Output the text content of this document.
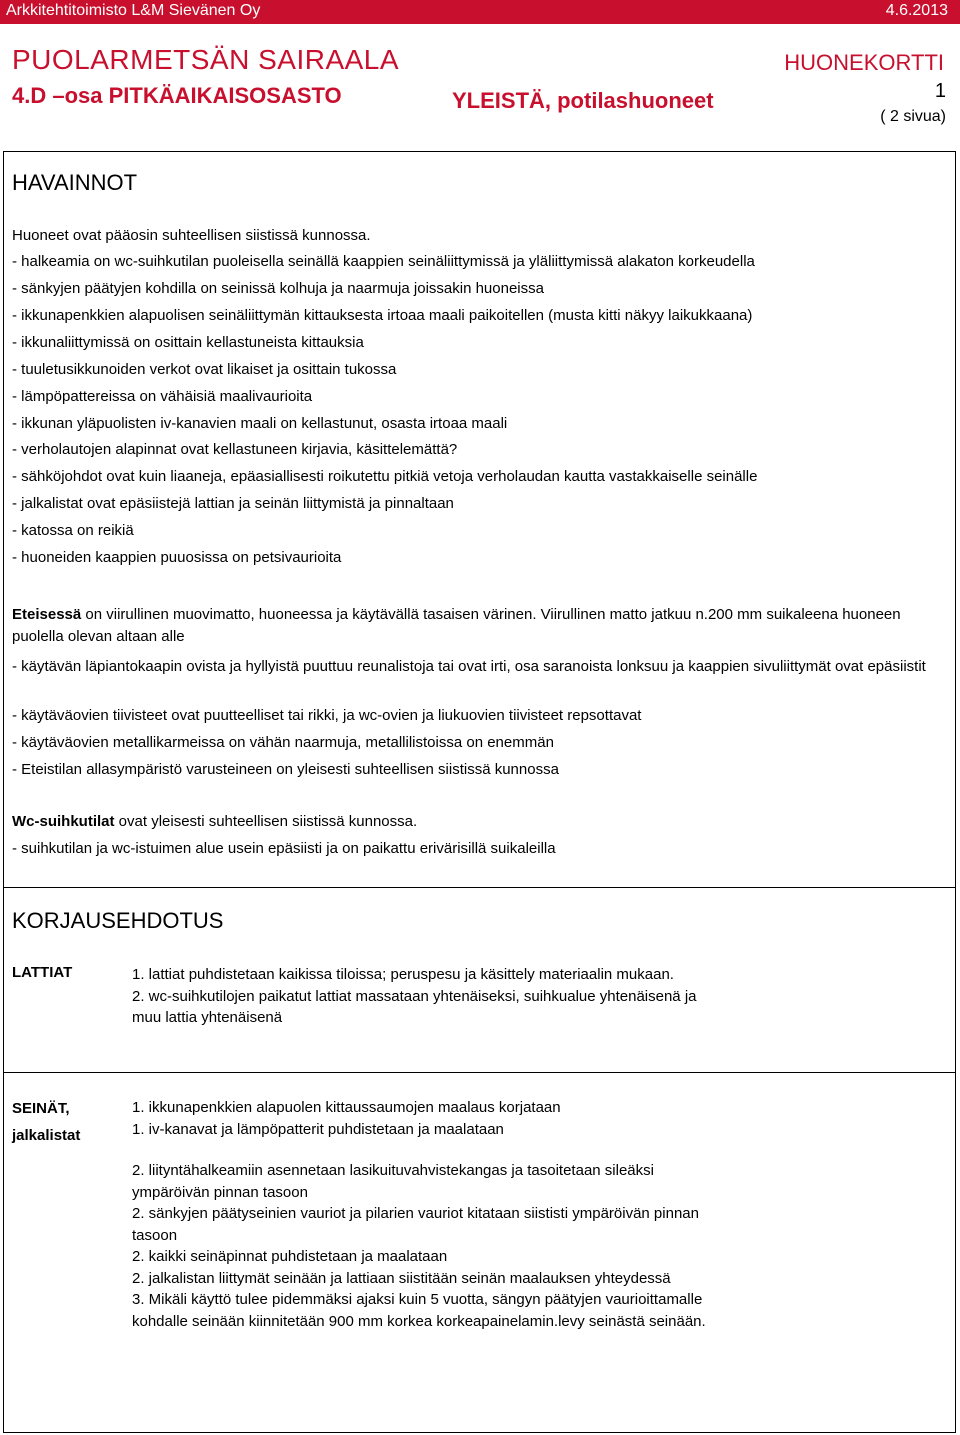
Arkkitehtitoimisto L&M Sievänen Oy	4.6.2013
PUOLARMETSÄN SAIRAALA
4.D –osa PITKÄAIKAISOSASTO
HUONEKORTTI
YLEISTÄ, potilashuoneet	1
( 2 sivua)
HAVAINNOT
Huoneet ovat pääosin suhteellisen siistissä kunnossa.
- halkeamia on wc-suihkutilan puoleisella seinällä kaappien seinäliittymissä ja yläliittymissä alakaton korkeudella
- sänkyjen päätyjen kohdilla on seinissä kolhuja ja naarmuja joissakin huoneissa
- ikkunapenkkien alapuolisen seinäliittymän kittauksesta irtoaa maali paikoitellen (musta kitti näkyy laikukkaana)
- ikkunaliittymissä on osittain kellastuneista kittauksia
- tuuletusikkunoiden verkot ovat likaiset ja osittain tukossa
- lämpöpattereissa on vähäisiä maalivaurioita
- ikkunan yläpuolisten iv-kanavien maali on kellastunut, osasta irtoaa maali
- verholautojen alapinnat ovat kellastuneen kirjavia, käsittelemättä?
- sähköjohdot ovat kuin liaaneja, epäasiallisesti roikutettu pitkiä vetoja verholaudan kautta vastakkaiselle seinälle
- jalkalistat ovat epäsiistejä lattian ja seinän liittymistä ja pinnaltaan
- katossa on reikiä
- huoneiden kaappien puuosissa on petsivaurioita
Eteisessä on viirullinen muovimatto, huoneessa ja käytävällä tasaisen värinen. Viirullinen matto jatkuu n.200 mm suikaleena huoneen puolella olevan altaan alle
- käytävän läpiantokaapin ovista ja hyllyistä puuttuu reunalistoja tai ovat irti, osa saranoista lonksuu ja kaappien sivuliittymät ovat epäsiistit
- käytäväovien tiivisteet ovat puutteelliset tai rikki, ja wc-ovien ja liukuovien tiivisteet repsottavat
- käytäväovien metallikarmeissa on vähän naarmuja, metallilistoissa on enemmän
- Eteistilan allasympäristö varusteineen on yleisesti suhteellisen siistissä kunnossa
Wc-suihkutilat ovat yleisesti suhteellisen siistissä kunnossa.
- suihkutilan ja wc-istuimen alue usein epäsiisti ja on paikattu erivärisillä suikaleilla
KORJAUSEHDOTUS
LATTIAT	1. lattiat puhdistetaan kaikissa tiloissa; peruspesu ja käsittely materiaalin mukaan.
2. wc-suihkutilojen paikatut lattiat massataan yhtenäiseksi, suihkualue yhtenäisenä ja
muu lattia yhtenäisenä
SEINÄT,
jalkalistat
1. ikkunapenkkien alapuolen kittaussaumojen maalaus korjataan
1. iv-kanavat ja lämpöpatterit puhdistetaan ja maalataan
2. liitуntähalkeamiin asennetaan lasikuituvahvistekangas ja tasoitetaan sileäksi
ympäröivän pinnan tasoon
2. sänkyjen päätyseinien vauriot ja pilarien vauriot kitataan siististi ympäröivän pinnan
tasoon
2. kaikki seinäpinnat puhdistetaan ja maalataan
2. jalkalistan liittymät seinään ja lattiaan siistitään seinän maalauksen yhteydessä
3. Mikäli käyttö tulee pidemmäksi ajaksi kuin 5 vuotta, sängyn päätyjen vaurioittamalle
kohdalle seinään kiinnitetään 900 mm korkea korkeapainelamin.levy seinästä seinään.
